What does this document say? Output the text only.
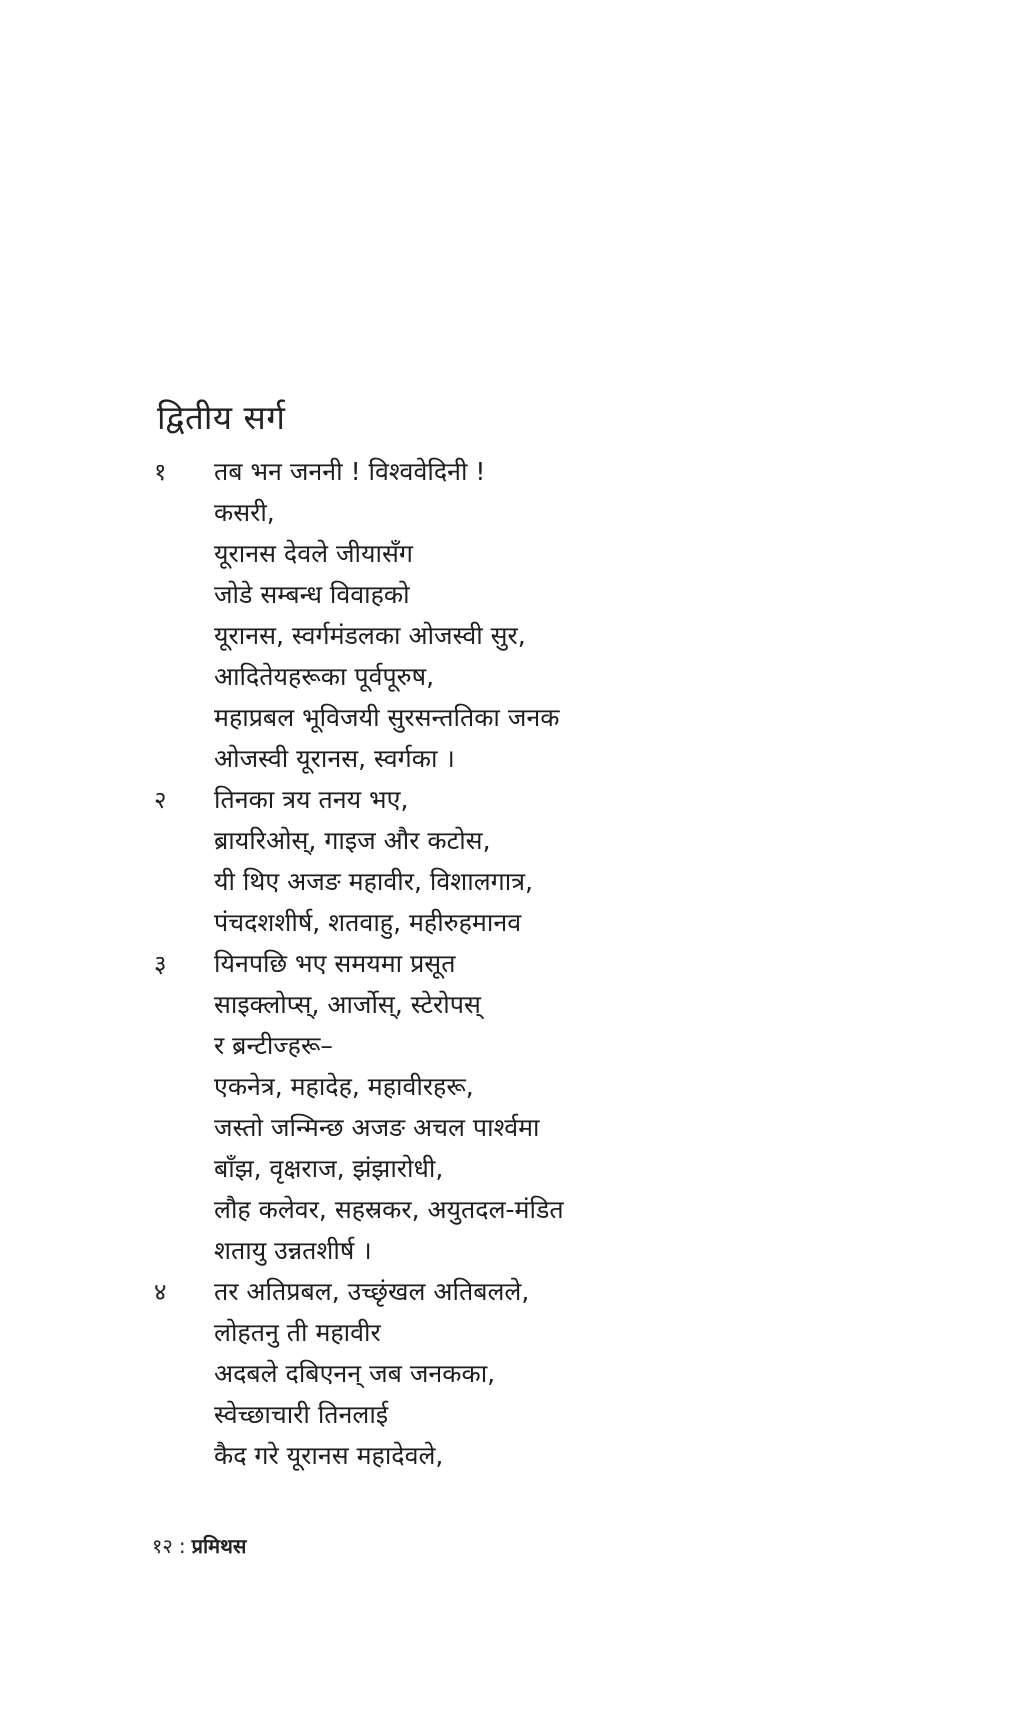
द्वितीय सर्ग
१ तब भन जननी ! विश्ववेदिनी !
कसरी,
यूरानस देवले जीयासँग
जोडे सम्बन्ध विवाहको
यूरानस, स्वर्गमंडलका ओजस्वी सुर,
आदितेयहरूका पूर्वपूरुष,
महाप्रबल भूविजयी सुरसन्ततिका जनक
ओजस्वी यूरानस, स्वर्गका ।
२ तिनका त्रय तनय भए,
ब्रायरिओस्, गाइज और कटोस,
यी थिए अजङ महावीर, विशालगात्र,
पंचदशशीर्ष, शतवाहु, महीरुहमानव
३ यिनपछि भए समयमा प्रसूत
साइक्लोप्स्, आर्जोस्, स्टेरोपस्
र ब्रन्टीज्हरू–
एकनेत्र, महादेह, महावीरहरू,
जस्तो जन्मिन्छ अजङ अचल पार्श्वमा
बाँझ, वृक्षराज, झंझारोधी,
लौह कलेवर, सहस्रकर, अयुतदल-मंडित
शतायु उन्नतशीर्ष ।
४ तर अतिप्रबल, उच्छृंखल अतिबलले,
लोहतनु ती महावीर
अदबले दबिएनन् जब जनकका,
स्वेच्छाचारी तिनलाई
कैद गरे यूरानस महादेवले,
१२ : प्रमिथस
